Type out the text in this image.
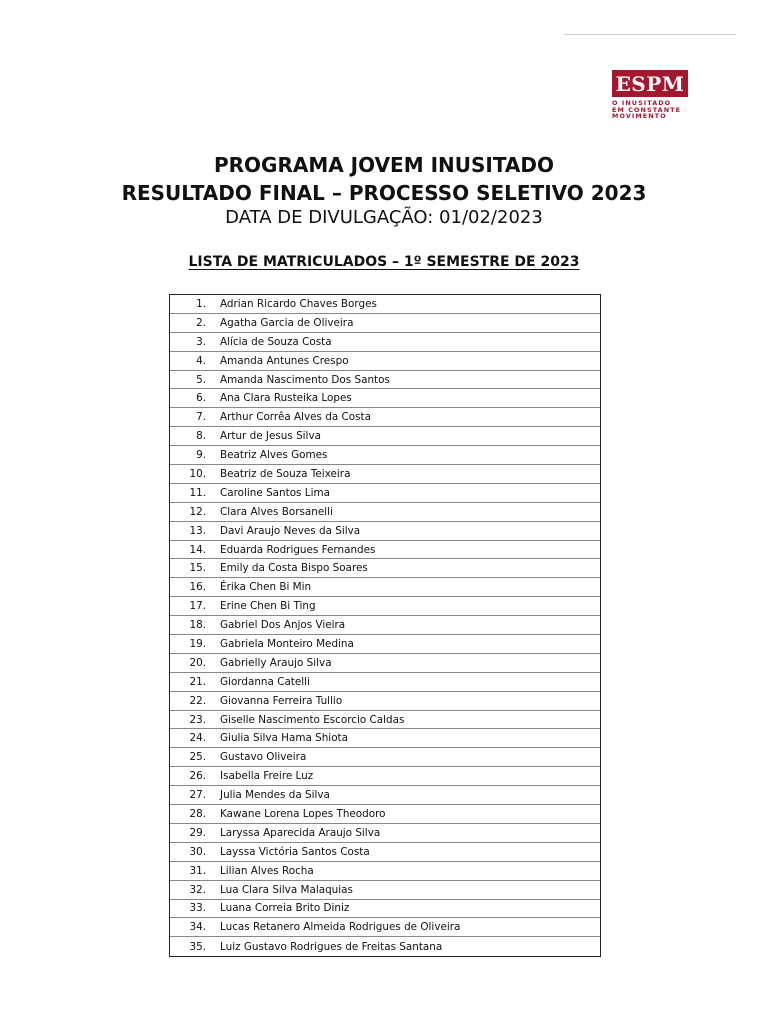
ESPM
O INUSITADO
EM CONSTANTE
MOVIMENTO
PROGRAMA JOVEM INUSITADO
RESULTADO FINAL – PROCESSO SELETIVO 2023
DATA DE DIVULGAÇÃO: 01/02/2023
LISTA DE MATRICULADOS – 1º SEMESTRE DE 2023
1. Adrian Ricardo Chaves Borges
2. Agatha Garcia de Oliveira
3. Alícia de Souza Costa
4. Amanda Antunes Crespo
5. Amanda Nascimento Dos Santos
6. Ana Clara Rusteika Lopes
7. Arthur Corrêa Alves da Costa
8. Artur de Jesus Silva
9. Beatriz Alves Gomes
10. Beatriz de Souza Teixeira
11. Caroline Santos Lima
12. Clara Alves Borsanelli
13. Davi Araujo Neves da Silva
14. Eduarda Rodrigues Fernandes
15. Emily da Costa Bispo Soares
16. Érika Chen Bi Min
17. Erine Chen Bi Ting
18. Gabriel Dos Anjos Vieira
19. Gabriela Monteiro Medina
20. Gabrielly Araujo Silva
21. Giordanna Catelli
22. Giovanna Ferreira Tullio
23. Giselle Nascimento Escorcio Caldas
24. Giulia Silva Hama Shiota
25. Gustavo Oliveira
26. Isabella Freire Luz
27. Julia Mendes da Silva
28. Kawane Lorena Lopes Theodoro
29. Laryssa Aparecida Araujo Silva
30. Layssa Victória Santos Costa
31. Lilian Alves Rocha
32. Lua Clara Silva Malaquias
33. Luana Correia Brito Diniz
34. Lucas Retanero Almeida Rodrigues de Oliveira
35. Luiz Gustavo Rodrigues de Freitas Santana
